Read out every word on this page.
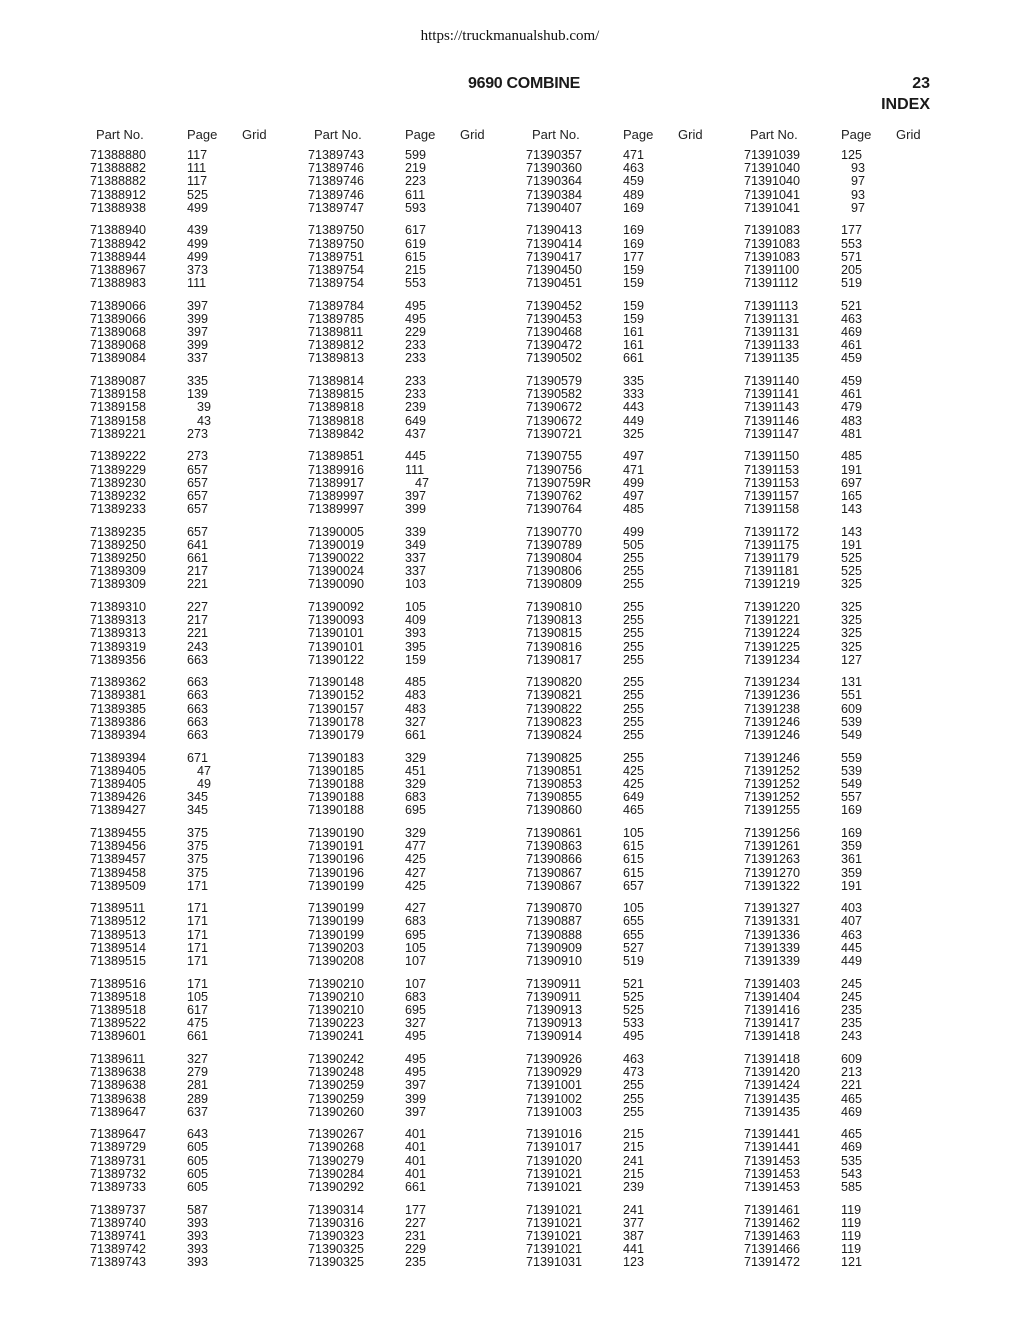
https://truckmanualshub.com/
9690 COMBINE	23
INDEX
Part No.	Page Grid
71388880	117
71388882	111
71388882	117
71388912	525
71388938	499
71388940	439
71388942	499
71388944	499
71388967	373
71388983	111
71389066	397
71389066	399
71389068	397
71389068	399
71389084	337
71389087	335
71389158	139
71389158	39
71389158	43
71389221	273
71389222	273
71389229	657
71389230	657
71389232	657
71389233	657
71389235	657
71389250	641
71389250	661
71389309	217
71389309	221
71389310	227
71389313	217
71389313	221
71389319	243
71389356	663
71389362	663
71389381	663
71389385	663
71389386	663
71389394	663
71389394	671
71389405	47
71389405	49
71389426	345
71389427	345
71389455	375
71389456	375
71389457	375
71389458	375
71389509	171
71389511	171
71389512	171
71389513	171
71389514	171
71389515	171
71389516	171
71389518	105
71389518	617
71389522	475
71389601	661
71389611	327
71389638	279
71389638	281
71389638	289
71389647	637
71389647	643
71389729	605
71389731	605
71389732	605
71389733	605
71389737	587
71389740	393
71389741	393
71389742	393
71389743	393
Part No.	Page Grid
71389743	599
71389746	219
71389746	223
71389746	611
71389747	593
71389750	617
71389750	619
71389751	615
71389754	215
71389754	553
71389784	495
71389785	495
71389811	229
71389812	233
71389813	233
71389814	233
71389815	233
71389818	239
71389818	649
71389842	437
71389851	445
71389916	111
71389917	47
71389997	397
71389997	399
71390005	339
71390019	349
71390022	337
71390024	337
71390090	103
71390092	105
71390093	409
71390101	393
71390101	395
71390122	159
71390148	485
71390152	483
71390157	483
71390178	327
71390179	661
71390183	329
71390185	451
71390188	329
71390188	683
71390188	695
71390190	329
71390191	477
71390196	425
71390196	427
71390199	425
71390199	427
71390199	683
71390199	695
71390203	105
71390208	107
71390210	107
71390210	683
71390210	695
71390223	327
71390241	495
71390242	495
71390248	495
71390259	397
71390259	399
71390260	397
71390267	401
71390268	401
71390279	401
71390284	401
71390292	661
71390314	177
71390316	227
71390323	231
71390325	229
71390325	235
Part No.	Page Grid
71390357	471
71390360	463
71390364	459
71390384	489
71390407	169
71390413	169
71390414	169
71390417	177
71390450	159
71390451	159
71390452	159
71390453	159
71390468	161
71390472	161
71390502	661
71390579	335
71390582	333
71390672	443
71390672	449
71390721	325
71390755	497
71390756	471
71390759R	499
71390762	497
71390764	485
71390770	499
71390789	505
71390804	255
71390806	255
71390809	255
71390810	255
71390813	255
71390815	255
71390816	255
71390817	255
71390820	255
71390821	255
71390822	255
71390823	255
71390824	255
71390825	255
71390851	425
71390853	425
71390855	649
71390860	465
71390861	105
71390863	615
71390866	615
71390867	615
71390867	657
71390870	105
71390887	655
71390888	655
71390909	527
71390910	519
71390911	521
71390911	525
71390913	525
71390913	533
71390914	495
71390926	463
71390929	473
71391001	255
71391002	255
71391003	255
71391016	215
71391017	215
71391020	241
71391021	215
71391021	239
71391021	241
71391021	377
71391021	387
71391021	441
71391031	123
Part No.	Page Grid
71391039	125
71391040	93
71391040	97
71391041	93
71391041	97
71391083	177
71391083	553
71391083	571
71391100	205
71391112	519
71391113	521
71391131	463
71391131	469
71391133	461
71391135	459
71391140	459
71391141	461
71391143	479
71391146	483
71391147	481
71391150	485
71391153	191
71391153	697
71391157	165
71391158	143
71391172	143
71391175	191
71391179	525
71391181	525
71391219	325
71391220	325
71391221	325
71391224	325
71391225	325
71391234	127
71391234	131
71391236	551
71391238	609
71391246	539
71391246	549
71391246	559
71391252	539
71391252	549
71391252	557
71391255	169
71391256	169
71391261	359
71391263	361
71391270	359
71391322	191
71391327	403
71391331	407
71391336	463
71391339	445
71391339	449
71391403	245
71391404	245
71391416	235
71391417	235
71391418	243
71391418	609
71391420	213
71391424	221
71391435	465
71391435	469
71391441	465
71391441	469
71391453	535
71391453	543
71391453	585
71391461	119
71391462	119
71391463	119
71391466	119
71391472	121
